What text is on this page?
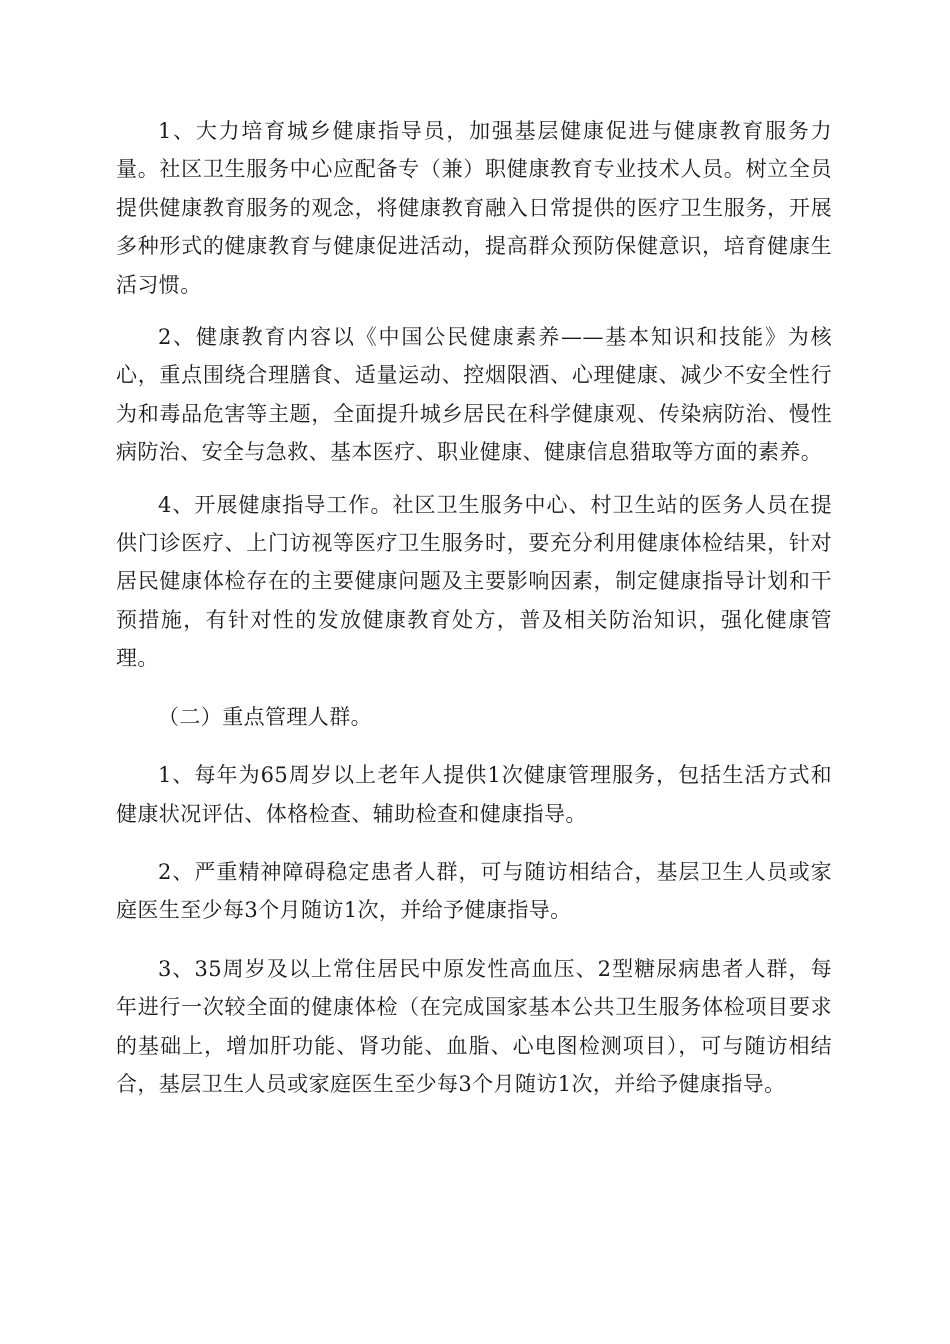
1、大力培育城乡健康指导员，加强基层健康促进与健康教育服务力量。社区卫生服务中心应配备专（兼）职健康教育专业技术人员。树立全员提供健康教育服务的观念，将健康教育融入日常提供的医疗卫生服务，开展多种形式的健康教育与健康促进活动，提高群众预防保健意识，培育健康生活习惯。

2、健康教育内容以《中国公民健康素养——基本知识和技能》为核心，重点围绕合理膳食、适量运动、控烟限酒、心理健康、减少不安全性行为和毒品危害等主题，全面提升城乡居民在科学健康观、传染病防治、慢性病防治、安全与急救、基本医疗、职业健康、健康信息猎取等方面的素养。

4、开展健康指导工作。社区卫生服务中心、村卫生站的医务人员在提供门诊医疗、上门访视等医疗卫生服务时，要充分利用健康体检结果，针对居民健康体检存在的主要健康问题及主要影响因素，制定健康指导计划和干预措施，有针对性的发放健康教育处方，普及相关防治知识，强化健康管理。

（二）重点管理人群。

1、每年为65周岁以上老年人提供1次健康管理服务，包括生活方式和健康状况评估、体格检查、辅助检查和健康指导。

2、严重精神障碍稳定患者人群，可与随访相结合，基层卫生人员或家庭医生至少每3个月随访1次，并给予健康指导。

3、35周岁及以上常住居民中原发性高血压、2型糖尿病患者人群，每年进行一次较全面的健康体检（在完成国家基本公共卫生服务体检项目要求的基础上，增加肝功能、肾功能、血脂、心电图检测项目），可与随访相结合，基层卫生人员或家庭医生至少每3个月随访1次，并给予健康指导。
